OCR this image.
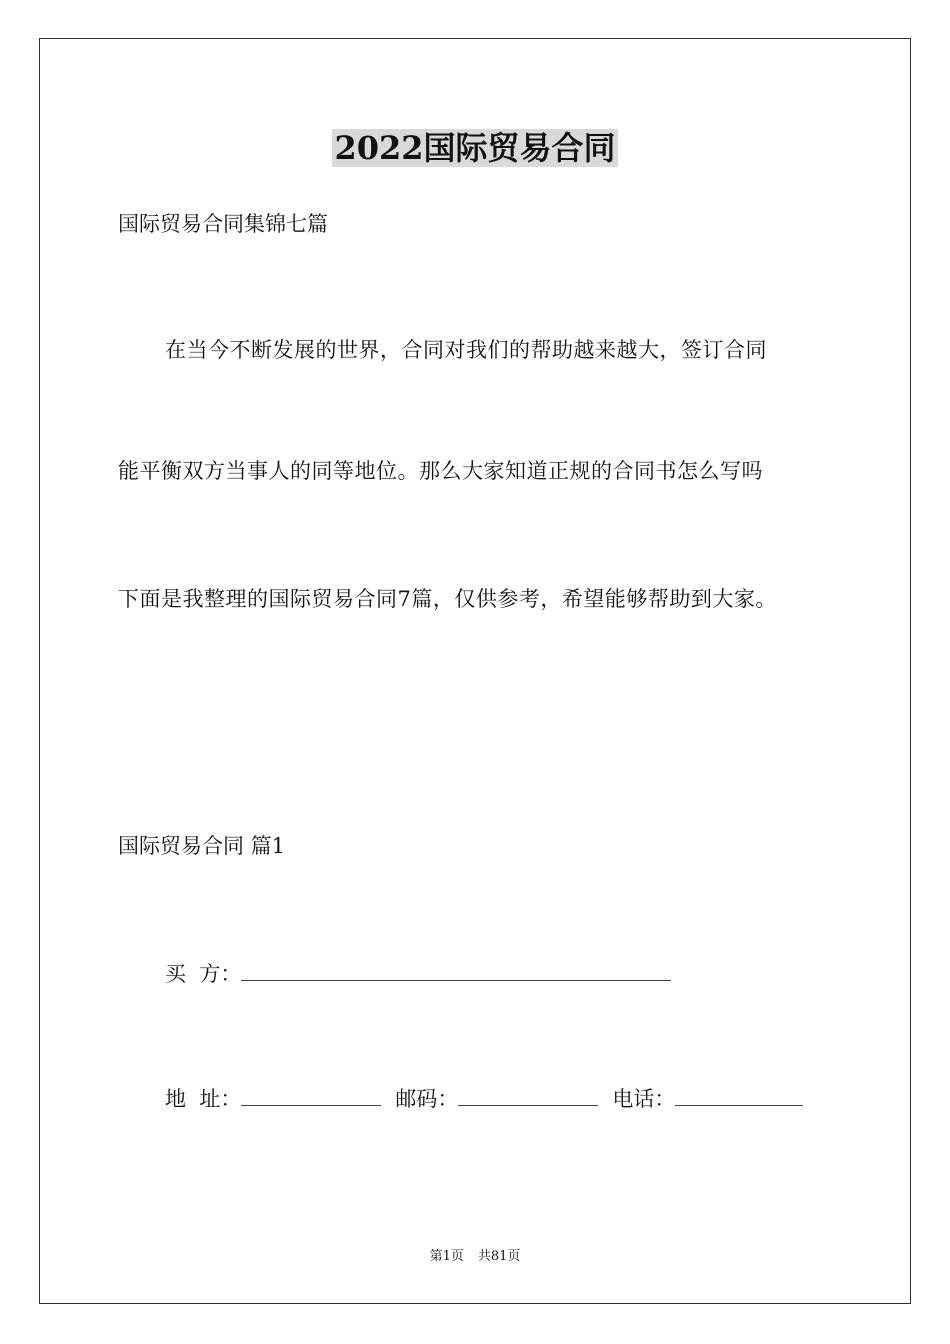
2022国际贸易合同
国际贸易合同集锦七篇
在当今不断发展的世界，合同对我们的帮助越来越大，签订合同
能平衡双方当事人的同等地位。那么大家知道正规的合同书怎么写吗
下面是我整理的国际贸易合同7篇，仅供参考，希望能够帮助到大家。
国际贸易合同 篇1
买  方：
地  址：	邮码：	电话：
第1页 共81页
